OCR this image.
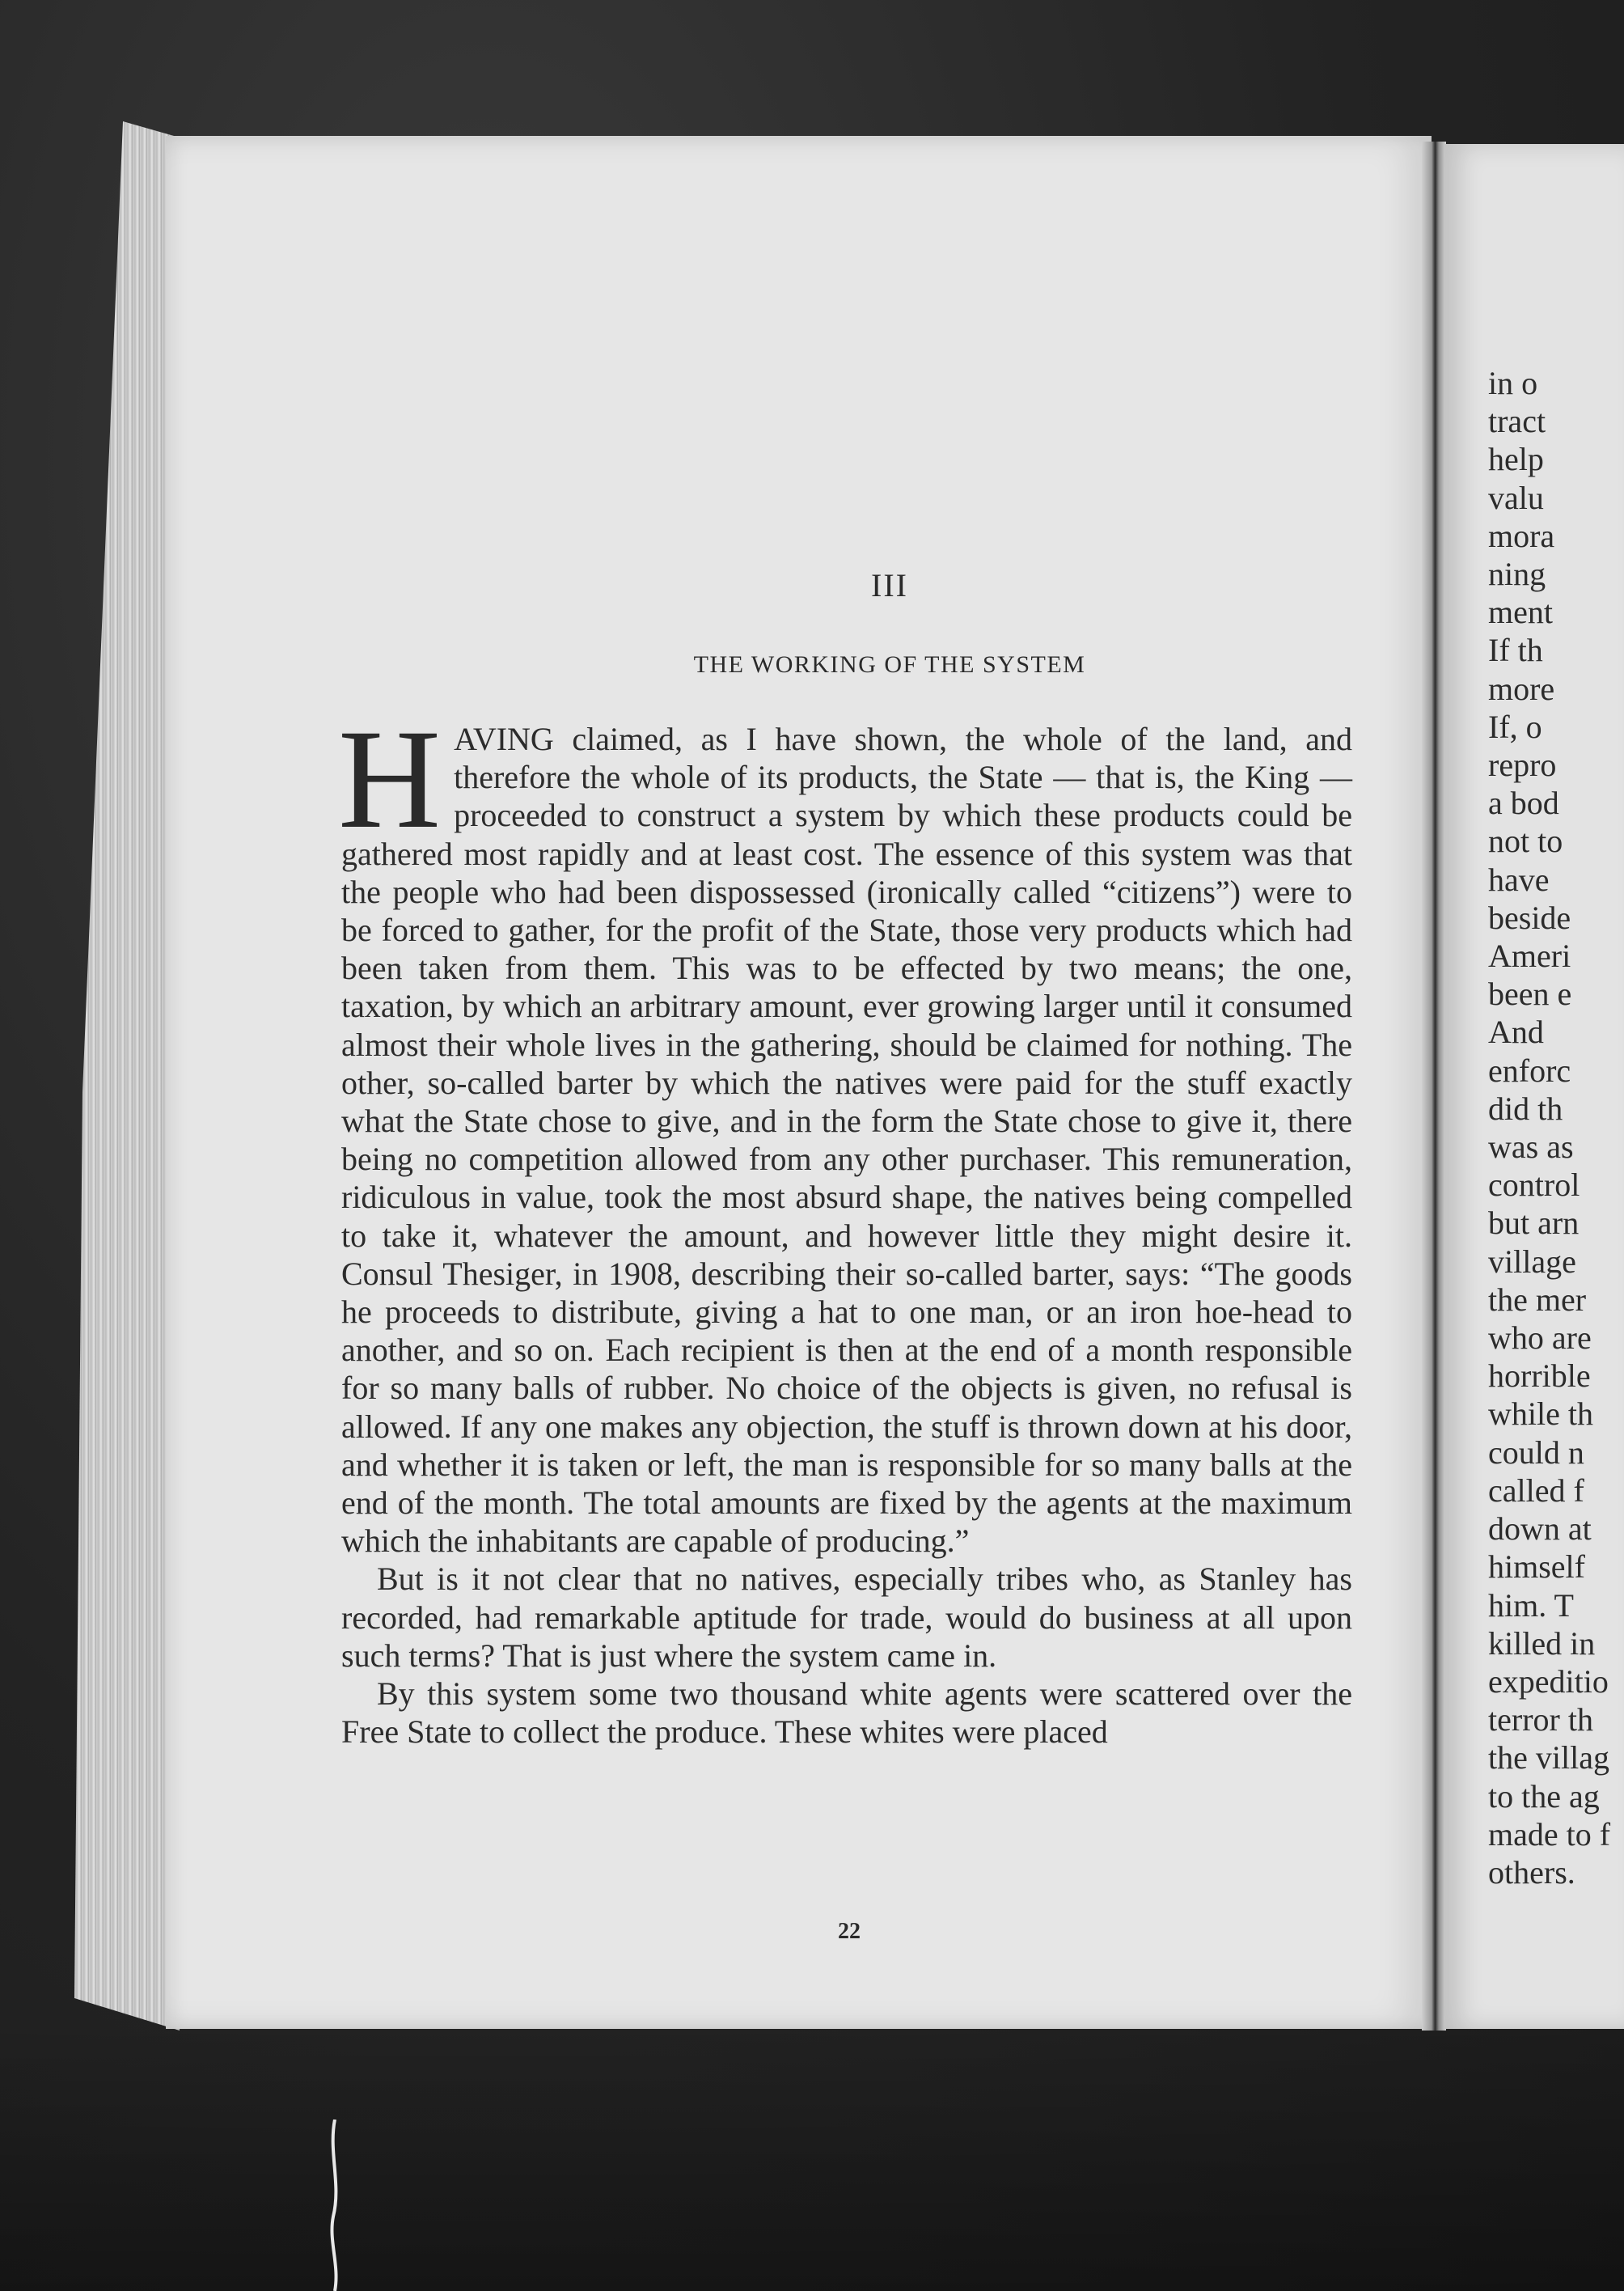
III
THE WORKING OF THE SYSTEM

HAVING claimed, as I have shown, the whole of the land, and therefore the whole of its products, the State — that is, the King — proceeded to construct a system by which these products could be gathered most rapidly and at least cost. The essence of this system was that the people who had been dispossessed (ironically called “citizens”) were to be forced to gather, for the profit of the State, those very products which had been taken from them. This was to be effected by two means; the one, taxation, by which an arbitrary amount, ever growing larger until it consumed almost their whole lives in the gathering, should be claimed for nothing. The other, so-called barter by which the natives were paid for the stuff exactly what the State chose to give, and in the form the State chose to give it, there being no competition allowed from any other purchaser. This remuneration, ridiculous in value, took the most absurd shape, the natives being compelled to take it, whatever the amount, and however little they might desire it. Consul Thesiger, in 1908, describing their so-called barter, says: “The goods he proceeds to distribute, giving a hat to one man, or an iron hoe-head to another, and so on. Each recipient is then at the end of a month responsible for so many balls of rubber. No choice of the objects is given, no refusal is allowed. If any one makes any objection, the stuff is thrown down at his door, and whether it is taken or left, the man is responsible for so many balls at the end of the month. The total amounts are fixed by the agents at the maximum which the inhabitants are capable of producing.”

But is it not clear that no natives, especially tribes who, as Stanley has recorded, had remarkable aptitude for trade, would do business at all upon such terms? That is just where the system came in.

By this system some two thousand white agents were scattered over the Free State to collect the produce. These whites were placed

22
in o
tract
help
valu
mora
ning
ment
If th
more
If, o
repro
a bod
not to
have
beside
Ameri
been e
And
enforc
did th
was as
control
but arn
village
the mer
who are
horrible
while th
could n
called f
down at
himself
him. T
killed in
expeditio
terror th
the villag
to the ag
made to f
others.
